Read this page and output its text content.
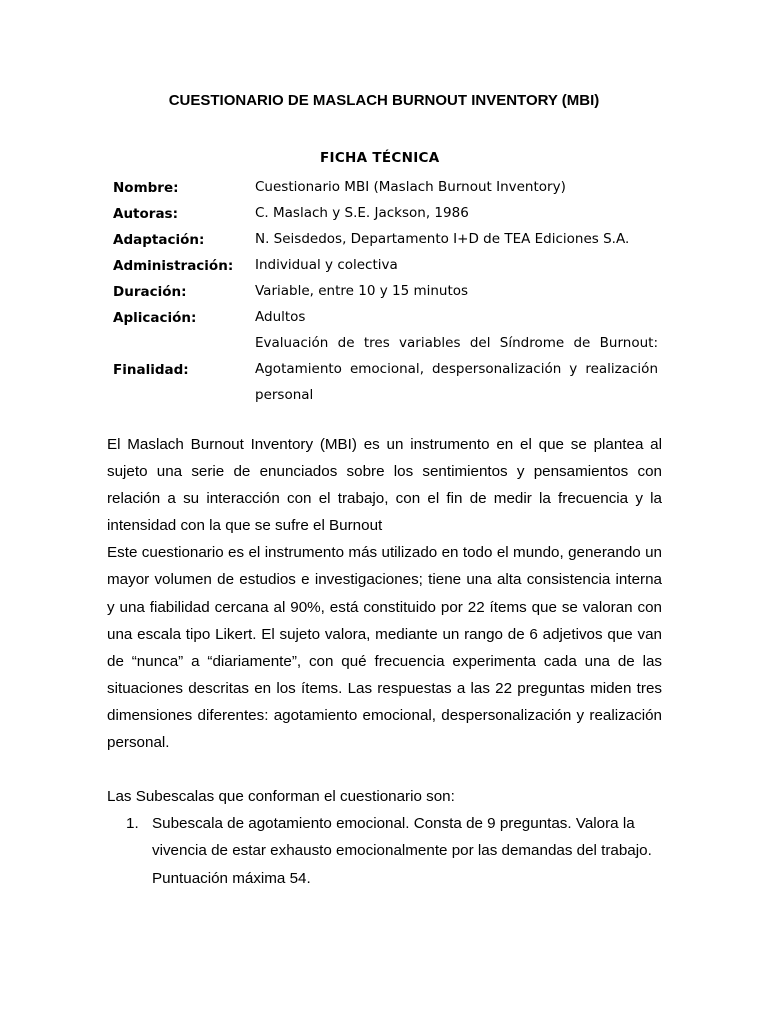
CUESTIONARIO DE MASLACH BURNOUT INVENTORY (MBI)
FICHA TÉCNICA
Nombre:	Cuestionario MBI (Maslach Burnout Inventory)
Autoras:	C. Maslach y S.E. Jackson, 1986
Adaptación:	N. Seisdedos, Departamento I+D de TEA Ediciones S.A.
Administración:	Individual y colectiva
Duración:	Variable, entre 10 y 15 minutos
Aplicación:	Adultos
Finalidad:
Evaluación de tres variables del Síndrome de Burnout: Agotamiento emocional, despersonalización y realización personal

El Maslach Burnout Inventory (MBI) es un instrumento en el que se plantea al sujeto una serie de enunciados sobre los sentimientos y pensamientos con relación a su interacción con el trabajo, con el fin de medir la frecuencia y la intensidad con la que se sufre el Burnout

Este cuestionario es el instrumento más utilizado en todo el mundo, generando un mayor volumen de estudios e investigaciones; tiene una alta consistencia interna y una fiabilidad cercana al 90%, está constituido por 22 ítems que se valoran con una escala tipo Likert. El sujeto valora, mediante un rango de 6 adjetivos que van de “nunca” a “diariamente”, con qué frecuencia experimenta cada una de las situaciones descritas en los ítems. Las respuestas a las 22 preguntas miden tres dimensiones diferentes: agotamiento emocional, despersonalización y realización personal.

Las Subescalas que conforman el cuestionario son:

1. Subescala de agotamiento emocional. Consta de 9 preguntas. Valora la vivencia de estar exhausto emocionalmente por las demandas del trabajo. Puntuación máxima 54.
